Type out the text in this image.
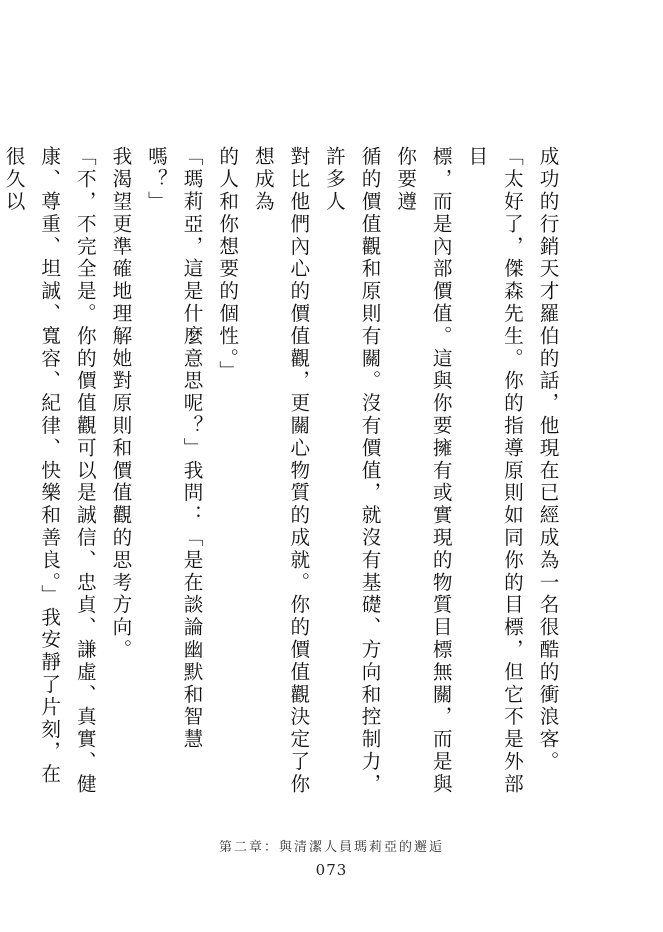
成功的行銷天才羅伯的話，他現在已經成為一名很酷的衝浪客。

「太好了，傑森先生。你的指導原則如同你的目標，但它不是外部目

標，而是內部價值。這與你要擁有或實現的物質目標無關，而是與你要遵

循的價值觀和原則有關。沒有價值，就沒有基礎、方向和控制力，許多人

對比他們內心的價值觀，更關心物質的成就。你的價值觀決定了你想成為

的人和你想要的個性。」

「瑪莉亞，這是什麼意思呢？」我問：「是在談論幽默和智慧嗎？」

我渴望更準確地理解她對原則和價值觀的思考方向。

「不，不完全是。你的價值觀可以是誠信、忠貞、謙虛、真實、健

康、尊重、坦誠、寬容、紀律、快樂和善良。」我安靜了片刻，在很久以

第二章：與清潔人員瑪莉亞的邂逅
073
